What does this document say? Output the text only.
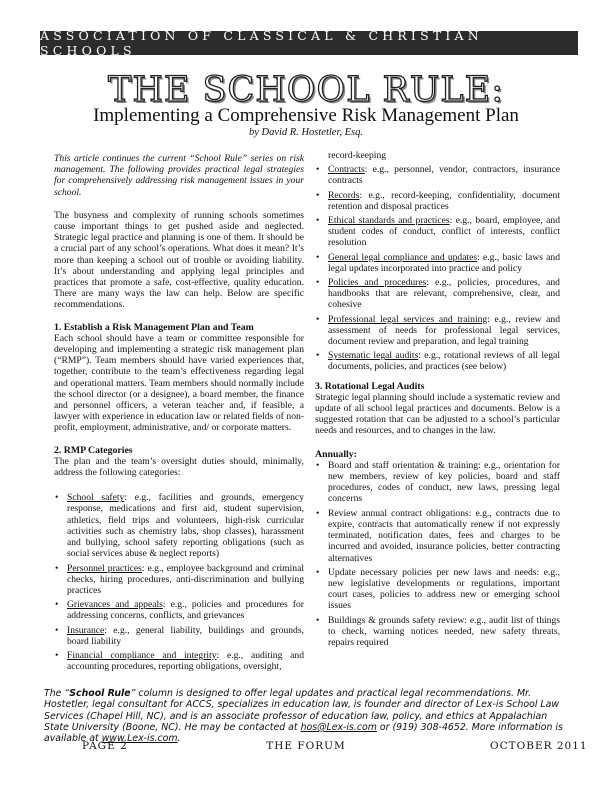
ASSOCIATION OF CLASSICAL & CHRISTIAN SCHOOLS
THE SCHOOL RULE:
Implementing a Comprehensive Risk Management Plan
by David R. Hostetler, Esq.

This article continues the current “School Rule” series on risk management. The following provides practical legal strategies for comprehensively addressing risk management issues in your school.

The busyness and complexity of running schools sometimes cause important things to get pushed aside and neglected. Strategic legal practice and planning is one of them. It should be a crucial part of any school’s operations. What does it mean? It’s more than keeping a school out of trouble or avoiding liability. It’s about understanding and applying legal principles and practices that promote a safe, cost-effective, quality education. There are many ways the law can help. Below are specific recommendations.

1. Establish a Risk Management Plan and Team

Each school should have a team or committee responsible for developing and implementing a strategic risk management plan (“RMP”). Team members should have varied experiences that, together, contribute to the team’s effectiveness regarding legal and operational matters. Team members should normally include the school director (or a designee), a board member, the finance and personnel officers, a veteran teacher and, if feasible, a lawyer with experience in education law or related fields of non-profit, employment, administrative, and/ or corporate matters.

2. RMP Categories

The plan and the team’s oversight duties should, minimally, address the following categories:

• School safety: e.g., facilities and grounds, emergency response, medications and first aid, student supervision, athletics, field trips and volunteers, high-risk curricular activities such as chemistry labs, shop classes), harassment and bullying, school safety reporting obligations (such as social services abuse & neglect reports)
• Personnel practices: e.g., employee background and criminal checks, hiring procedures, anti-discrimination and bullying practices
• Grievances and appeals: e.g., policies and procedures for addressing concerns, conflicts, and grievances
• Insurance: e.g., general liability, buildings and grounds, board liability
• Financial compliance and integrity: e.g., auditing and accounting procedures, reporting obligations, oversight,
record-keeping
• Contracts: e.g., personnel, vendor, contractors, insurance contracts
• Records: e.g., record-keeping, confidentiality, document retention and disposal practices
• Ethical standards and practices: e.g., board, employee, and student codes of conduct, conflict of interests, conflict resolution
• General legal compliance and updates: e.g., basic laws and legal updates incorporated into practice and policy
• Policies and procedures: e.g., policies, procedures, and handbooks that are relevant, comprehensive, clear, and cohesive
• Professional legal services and training: e.g., review and assessment of needs for professional legal services, document review and preparation, and legal training
• Systematic legal audits: e.g., rotational reviews of all legal documents, policies, and practices (see below)
3. Rotational Legal Audits

Strategic legal planning should include a systematic review and update of all school legal practices and documents. Below is a suggested rotation that can be adjusted to a school’s particular needs and resources, and to changes in the law.

Annually:
• Board and staff orientation & training: e.g., orientation for new members, review of key policies, board and staff procedures, codes of conduct, new laws, pressing legal concerns
• Review annual contract obligations: e.g., contracts due to expire, contracts that automatically renew if not expressly terminated, notification dates, fees and charges to be incurred and avoided, insurance policies, better contracting alternatives
• Update necessary policies per new laws and needs: e.g., new legislative developments or regulations, important court cases, policies to address new or emerging school issues
• Buildings & grounds safety review: e.g., audit list of things to check, warning notices needed, new safety threats, repairs required
The “School Rule” column is designed to offer legal updates and practical legal recommendations. Mr. Hostetler, legal consultant for ACCS, specializes in education law, is founder and director of Lex-is School Law Services (Chapel Hill, NC), and is an associate professor of education law, policy, and ethics at Appalachian State University (Boone, NC). He may be contacted at hos@Lex-is.com or (919) 308-4652. More information is available at www.Lex-is.com.
PAGE 2	THE FORUM	OCTOBER 2011
